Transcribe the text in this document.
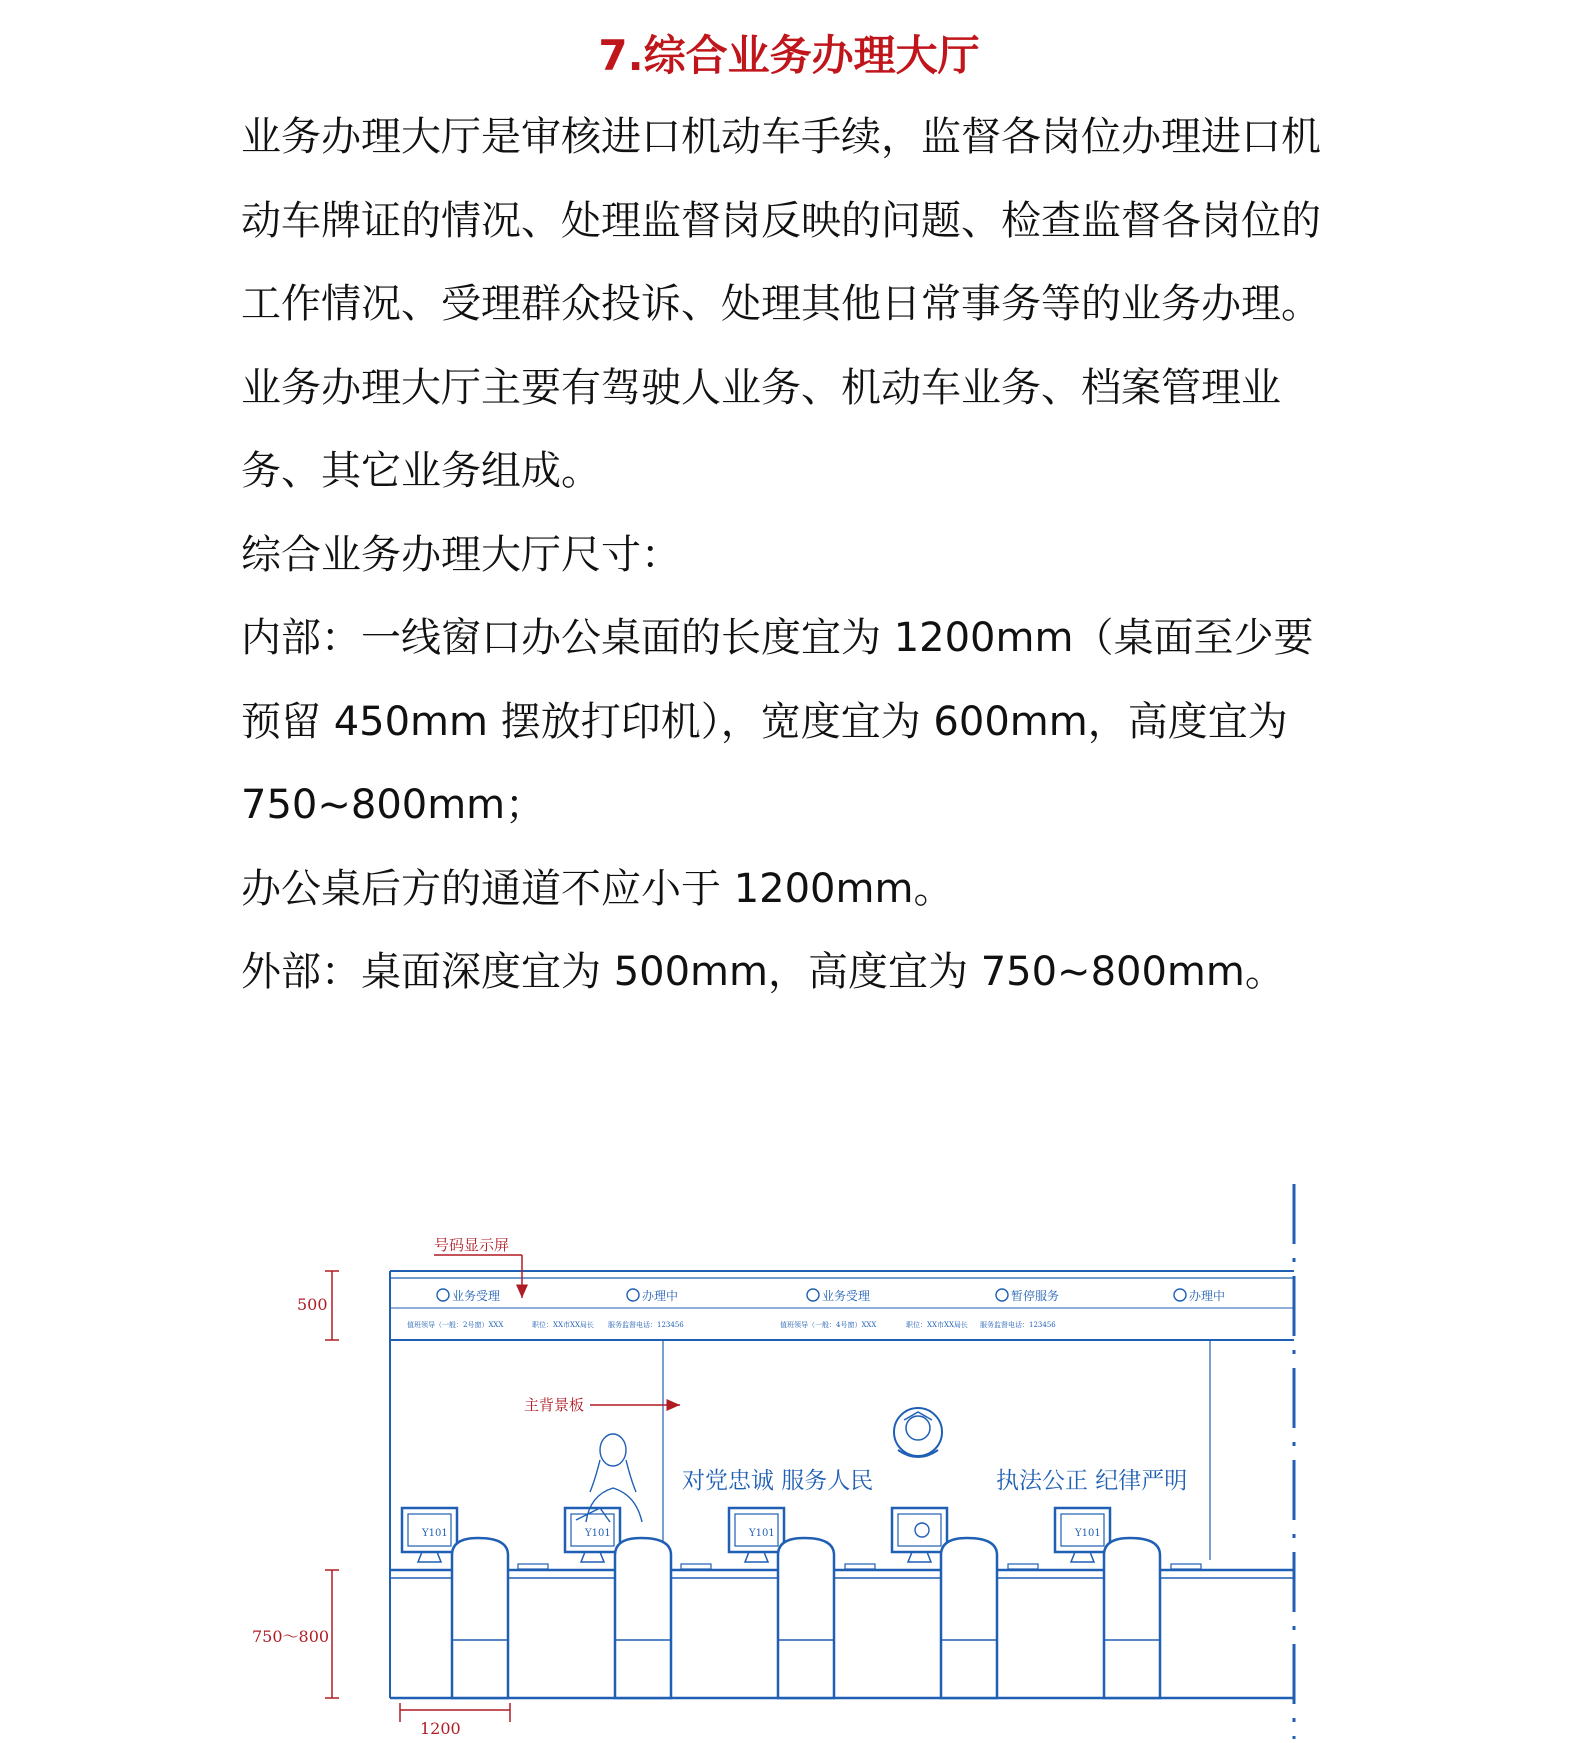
7.综合业务办理大厅

业务办理大厅是审核进口机动车手续，监督各岗位办理进口机动车牌证的情况、处理监督岗反映的问题、检查监督各岗位的工作情况、受理群众投诉、处理其他日常事务等的业务办理。

业务办理大厅主要有驾驶人业务、机动车业务、档案管理业务、其它业务组成。

综合业务办理大厅尺寸：

内部：一线窗口办公桌面的长度宜为 1200mm（桌面至少要预留 450mm 摆放打印机），宽度宜为 600mm，高度宜为 750~800mm；

办公桌后方的通道不应小于 1200mm。

外部：桌面深度宜为 500mm，高度宜为 750~800mm。

业务受理	办理中	业务受理	暂停服务	办理中
值班领导（一般：2号窗）XXX	职位：XX市XX局长 服务监督电话：123456	值班领导（一般：4号窗）XXX	职位：XX市XX局长 服务监督电话：123456
号码显示屏
主背景板
对党忠诚 服务人民	执法公正 纪律严明
Y101	Y101	Y101	Y101
500
750～800
1200
